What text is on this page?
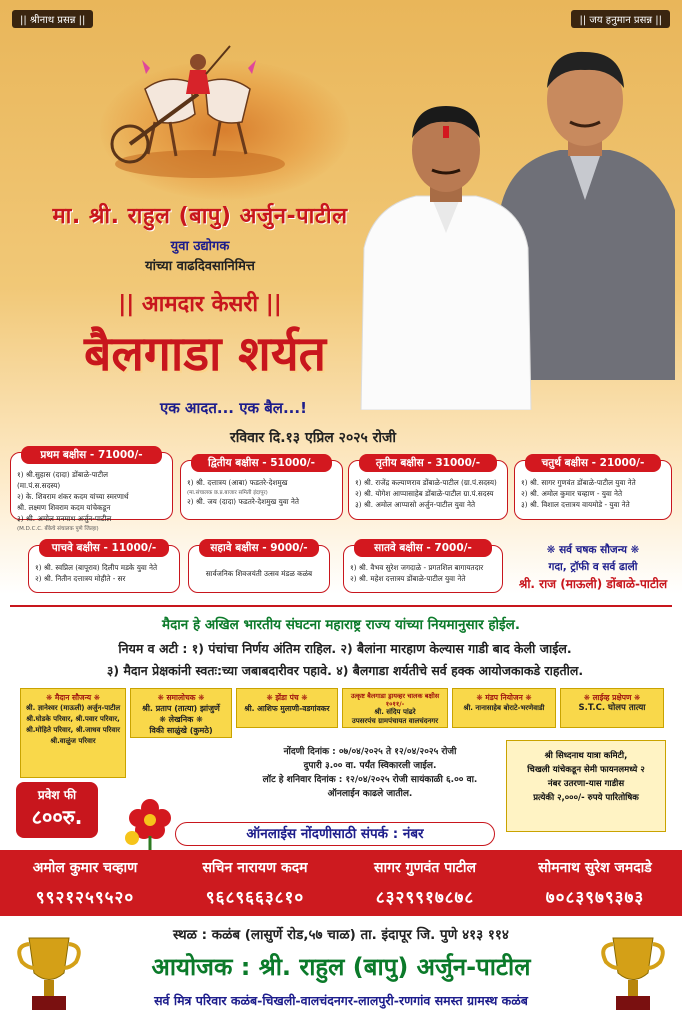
|| श्रीनाथ प्रसन्न ||	|| जय हनुमान प्रसन्न ||
मा. श्री. राहुल (बापु) अर्जुन-पाटील
युवा उद्योगक
यांच्या वाढदिवसानिमित्त
|| आमदार केसरी ||
बैलगाडा शर्यत
एक आदत... एक बैल...!
रविवार दि.१३ एप्रिल २०२५ रोजी
प्रथम बक्षीस - 71000/-
१) श्री.सुहास (दादा) डोंबाळे-पाटील
(मा.पं.स.सदस्य)
२) के. शिवराम शंकर कदम यांच्या स्मरणार्थ
श्री. लक्ष्मण शिवराम कदम यांचेकडून
३) श्री. अमोल मनमाथ अर्जुन-पाटील
(M.D.C.C. बँकेचे संचालक पुणे जिल्हा)
द्वितीय बक्षीस - 51000/-
१) श्री. दत्तात्रय (आबा) फडतरे-देशमुख
(मा.संचालक छ.प्र.बाजार समिती इंदापूर)
२) श्री. जय (दादा) फडतरे-देशमुख युवा नेते
तृतीय बक्षीस - 31000/-
१) श्री. राजेंद्र कल्याणराव डोंबाळे-पाटील (ग्रा.पं.सदस्य)
२) श्री. योगेश आप्पासाहेब डोंबाळे-पाटील ग्रा.पं.सदस्य
३) श्री. अमोल आप्पासो अर्जुन-पाटील युवा नेते
चतुर्थ बक्षीस - 21000/-
१) श्री. सागर गुणवंत डोंबाळे-पाटील युवा नेते
२) श्री. अमोल कुमार चव्हाण - युवा नेते
३) श्री. विशाल दत्तात्रय वायमोडे - युवा नेते
पाचवे बक्षीस - 11000/-
१) श्री. स्वप्निल (बापूराव) दिलीप मडके युवा नेते
२) श्री. नितीन दत्तात्रय मोहीते - सर
सहावे बक्षीस - 9000/-
सार्वजनिक शिवजयंती उत्सव मंडळ कळंब
सातवे बक्षीस - 7000/-
१) श्री. वैभव सुरेश जगदाळे - प्रगतशिल बागायतदार
२) श्री. महेश दत्तात्रय डोंबाळे-पाटील युवा नेते
❋ सर्व चषक सौजन्य ❋
गदा, ट्रॉफी व सर्व ढाली
श्री. राज (माऊली) डोंबाळे-पाटील
मैदान हे अखिल भारतीय संघटना महाराष्ट्र राज्य यांच्या नियमानुसार होईल.
नियम व अटी : १) पंचांचा निर्णय अंतिम राहिल. २) बैलांना मारहाण केल्यास गाडी बाद केली जाईल.
३) मैदान प्रेक्षकांनी स्वतः:च्या जबाबदारीवर पहावे. ४) बैलगाडा शर्यतीचे सर्व हक्क आयोजकाकडे राहतील.
❋ मैदान सौजन्य ❋
श्री. ज्ञानेश्वर (माऊली) अर्जुन-पाटील
श्री.घोडके परिवार, श्री.पवार परिवार,
श्री.मोहिते परिवार, श्री.जाधव परिवार
श्री.वाळुंज परिवार
❋ समालोचक ❋
श्री. प्रताप (तात्या) झांजुर्णे
❋ लेखनिक ❋
विकी साळुंखे (कुमठे)
❋ झेंडा पंच ❋
श्री. आशिफ मुलाणी-वडगांवकर
उत्कृष्ट बैलगाडा ड्रायव्हर चालक बक्षीस १०११/-
श्री. संदिप पांढरे
उपसरपंच ग्रामपंचायत वालचंदनगर
❋ मंडप नियोजन ❋
श्री. नानासाहेब बोराटे-भरणेवाडी
❋ लाईव्ह प्रक्षेपण ❋
S.T.C. घोलप तात्या
नोंदणी दिनांक : ०७/०४/२०२५ ते १२/०४/२०२५ रोजी
दुपारी ३.०० वा. पर्यंत स्विकारली जाईल.
लॉट हे शनिवार दिनांक : १२/०४/२०२५ रोजी सायंकाळी ६.०० वा.
ऑनलाईन काढले जातील.
श्री सिध्दनाथ यात्रा कमिटी,
चिखली यांचेकडून सेमी फायनलमध्ये २
नंबर उतरणा-यास गाडीस
प्रत्येकी २,०००/- रुपये पारितोषिक
प्रवेश फी
८००रु.
ऑनलाईस नोंदणीसाठी संपर्क : नंबर
अमोल कुमार चव्हाण
९९२१२५९५२०
सचिन नारायण कदम
९६८९६६३८१०
सागर गुणवंत पाटील
८३२९९१७८७८
सोमनाथ सुरेश जमदाडे
७०८३९७९३७३
स्थळ : कळंब (लासुर्णे रोड,५७ चाळ) ता. इंदापूर जि. पुणे ४१३ ११४
आयोजक : श्री. राहुल (बापु) अर्जुन-पाटील
सर्व मित्र परिवार कळंब-चिखली-वालचंदनगर-लालपुरी-रणगांव समस्त ग्रामस्थ कळंब
